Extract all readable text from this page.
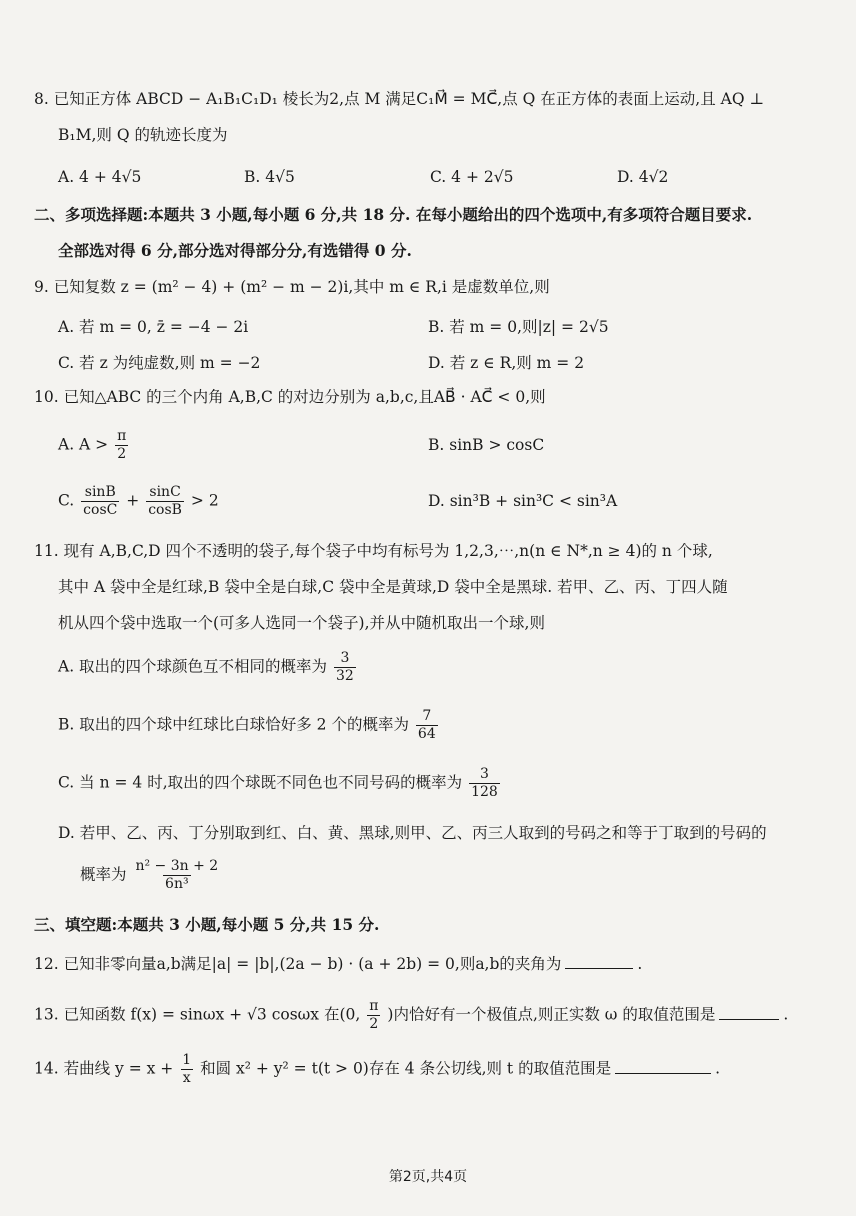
8. 已知正方体 ABCD − A₁B₁C₁D₁ 棱长为2,点 M 满足C₁M⃗ = MC⃗,点 Q 在正方体的表面上运动,且 AQ ⊥
B₁M,则 Q 的轨迹长度为
A. 4 + 4√5	B. 4√5	C. 4 + 2√5	D. 4√2
二、多项选择题:本题共 3 小题,每小题 6 分,共 18 分. 在每小题给出的四个选项中,有多项符合题目要求.
全部选对得 6 分,部分选对得部分分,有选错得 0 分.
9. 已知复数 z = (m² − 4) + (m² − m − 2)i,其中 m ∈ R,i 是虚数单位,则
A. 若 m = 0, z̄ = −4 − 2i	B. 若 m = 0,则|z| = 2√5
C. 若 z 为纯虚数,则 m = −2	D. 若 z ∈ R,则 m = 2
10. 已知△ABC 的三个内角 A,B,C 的对边分别为 a,b,c,且AB⃗ · AC⃗ < 0,则
A. $A > \frac{\pi}{2}$	B. sinB > cosC
C. $\frac{\sin B}{\cos C} + \frac{\sin C}{\cos B} > 2$	D. sin³B + sin³C < sin³A
11. 现有 A,B,C,D 四个不透明的袋子,每个袋子中均有标号为 1,2,3,⋯,n(n ∈ N*,n ≥ 4)的 n 个球,
其中 A 袋中全是红球,B 袋中全是白球,C 袋中全是黄球,D 袋中全是黑球. 若甲、乙、丙、丁四人随
机从四个袋中选取一个(可多人选同一个袋子),并从中随机取出一个球,则
A. 取出的四个球颜色互不相同的概率为 $\frac{3}{32}$
B. 取出的四个球中红球比白球恰好多 2 个的概率为 $\frac{7}{64}$
C. 当 n = 4 时,取出的四个球既不同色也不同号码的概率为 $\frac{3}{128}$
D. 若甲、乙、丙、丁分别取到红、白、黄、黑球,则甲、乙、丙三人取到的号码之和等于丁取到的号码的
概率为 $\frac{\text{n² − 3n + 2}}{\text{6n³}}$
三、填空题:本题共 3 小题,每小题 5 分,共 15 分.
12. 已知非零向量a,b满足|a| = |b|,(2a − b) · (a + 2b) = 0,则a,b的夹角为	.
13. 已知函数 f(x) = sinωx + √3 cosωx 在(0, $\frac{\pi}{2}$ )内恰好有一个极值点,则正实数 ω 的取值范围是	.
14. 若曲线 $y = x + \frac{1}{x}$ 和圆 x² + y² = t(t > 0)存在 4 条公切线,则 t 的取值范围是	.
第2页,共4页
